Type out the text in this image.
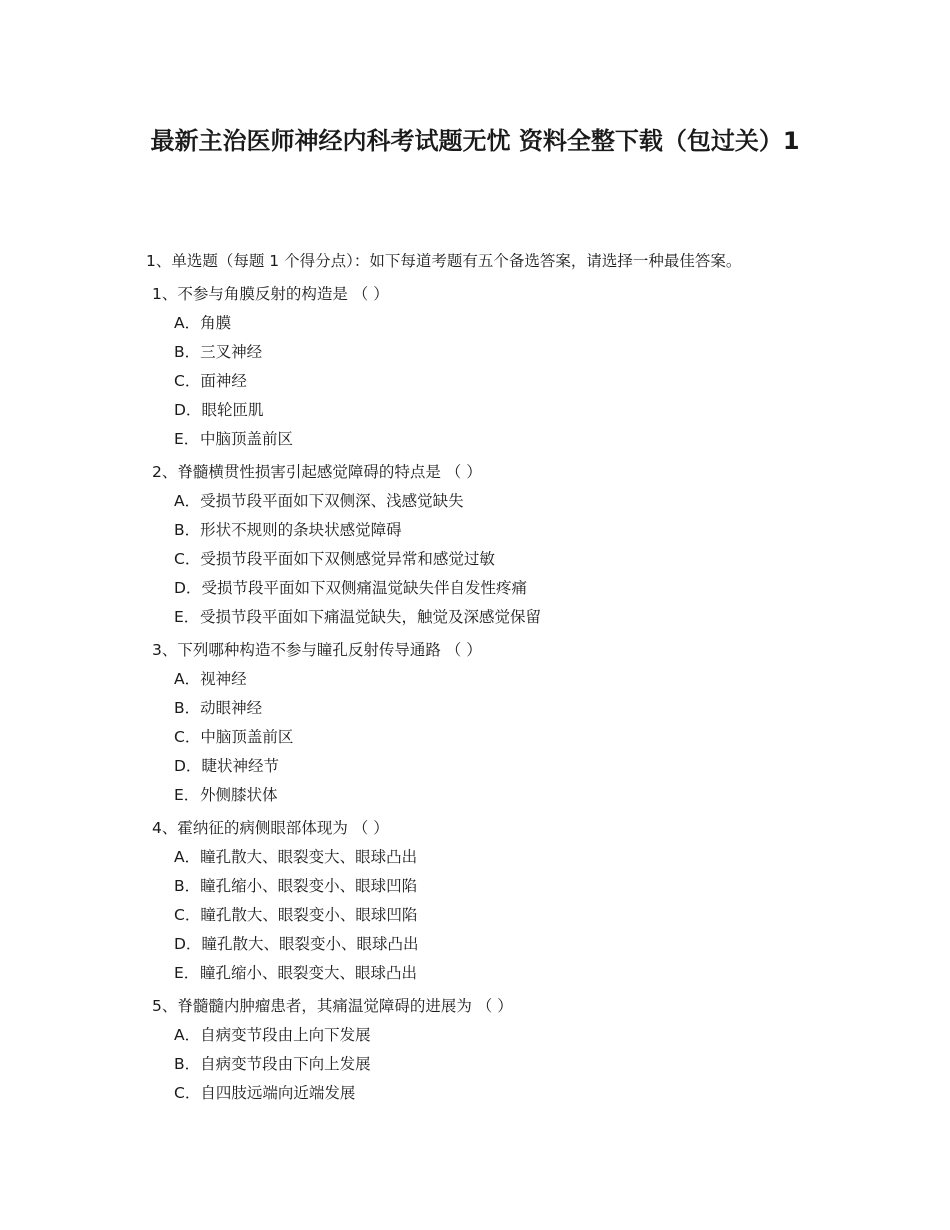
最新主治医师神经内科考试题无忧 资料全整下载（包过关）1
1、单选题（每题 1 个得分点）：如下每道考题有五个备选答案，请选择一种最佳答案。
1、不参与角膜反射的构造是 （ ）
A．角膜
B．三叉神经
C．面神经
D．眼轮匝肌
E．中脑顶盖前区
2、脊髓横贯性损害引起感觉障碍的特点是 （ ）
A．受损节段平面如下双侧深、浅感觉缺失
B．形状不规则的条块状感觉障碍
C．受损节段平面如下双侧感觉异常和感觉过敏
D．受损节段平面如下双侧痛温觉缺失伴自发性疼痛
E．受损节段平面如下痛温觉缺失，触觉及深感觉保留
3、下列哪种构造不参与瞳孔反射传导通路 （ ）
A．视神经
B．动眼神经
C．中脑顶盖前区
D．睫状神经节
E．外侧膝状体
4、霍纳征的病侧眼部体现为 （ ）
A．瞳孔散大、眼裂变大、眼球凸出
B．瞳孔缩小、眼裂变小、眼球凹陷
C．瞳孔散大、眼裂变小、眼球凹陷
D．瞳孔散大、眼裂变小、眼球凸出
E．瞳孔缩小、眼裂变大、眼球凸出
5、脊髓髓内肿瘤患者，其痛温觉障碍的进展为 （ ）
A．自病变节段由上向下发展
B．自病变节段由下向上发展
C．自四肢远端向近端发展
